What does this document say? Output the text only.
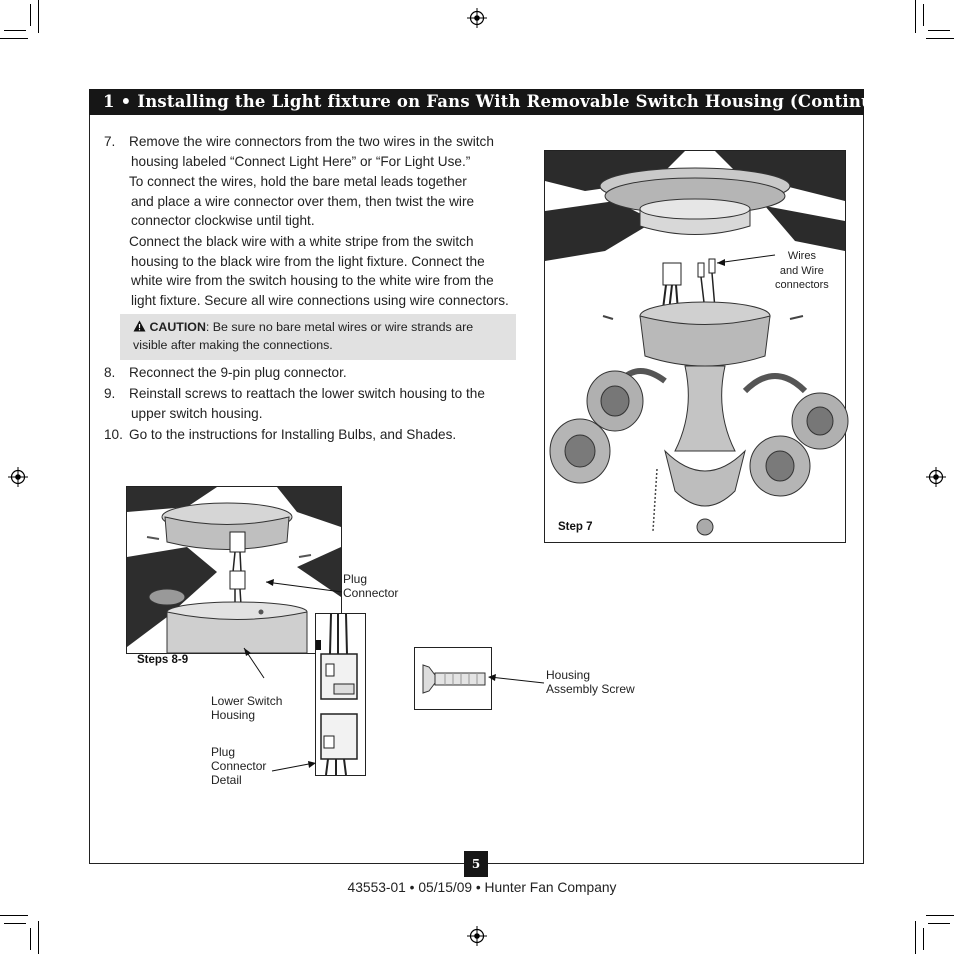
1 • Installing the Light fixture on Fans With Removable Switch Housing (Continued)
7. Remove the wire connectors from the two wires in the switch
housing labeled “Connect Light Here” or “For Light Use.”
To connect the wires, hold the bare metal leads together
and place a wire connector over them, then twist the wire
connector clockwise until tight.
Connect the black wire with a white stripe from the switch
housing to the black wire from the light fixture. Connect the
white wire from the switch housing to the white wire from the
light fixture. Secure all wire connections using wire connectors.
CAUTION: Be sure no bare metal wires or wire strands are
visible after making the connections.
8. Reconnect the 9-pin plug connector.
9. Reinstall screws to reattach the lower switch housing to the
upper switch housing.
10. Go to the instructions for Installing Bulbs, and Shades.
Wires
and Wire
connectors
Step 7
Steps 8-9
Plug
Connector
Lower Switch
Housing
Plug
Connector
Detail
Housing
Assembly Screw
5
43553-01 • 05/15/09 • Hunter Fan Company
